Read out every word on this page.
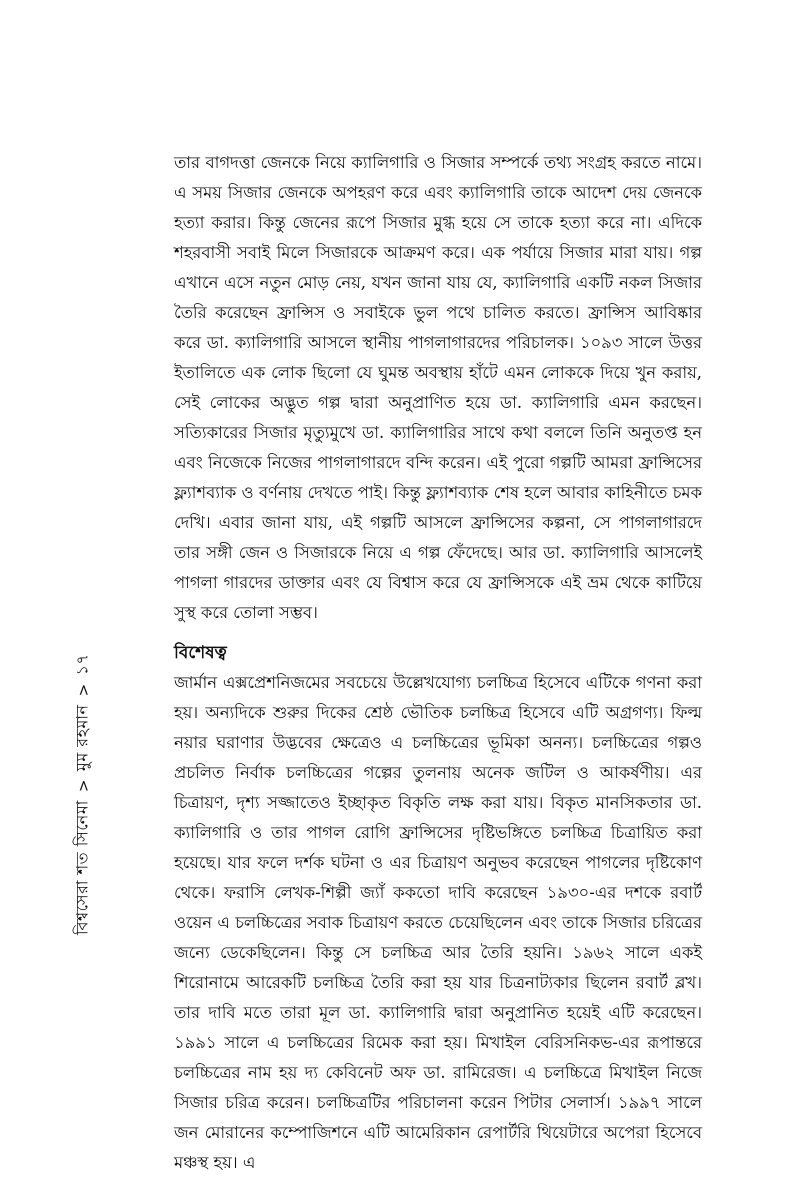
বিশ্বসেরা শত সিনেমা
>
মুম রহমান
>
১৭

তার বাগদত্তা জেনকে নিয়ে ক্যালিগারি ও সিজার সম্পর্কে তথ্য সংগ্রহ করতে নামে। এ সময় সিজার জেনকে অপহরণ করে এবং ক্যালিগারি তাকে আদেশ দেয় জেনকে হত্যা করার। কিন্তু জেনের রূপে সিজার মুগ্ধ হয়ে সে তাকে হত্যা করে না। এদিকে শহরবাসী সবাই মিলে সিজারকে আক্রমণ করে। এক পর্যায়ে সিজার মারা যায়। গল্প এখানে এসে নতুন মোড় নেয়, যখন জানা যায় যে, ক্যালিগারি একটি নকল সিজার তৈরি করেছেন ফ্রান্সিস ও সবাইকে ভুল পথে চালিত করতে। ফ্রান্সিস আবিষ্কার করে ডা. ক্যালিগারি আসলে স্থানীয় পাগলাগারদের পরিচালক। ১০৯৩ সালে উত্তর ইতালিতে এক লোক ছিলো যে ঘুমন্ত অবস্থায় হাঁটে এমন লোককে দিয়ে খুন করায়, সেই লোকের অদ্ভুত গল্প দ্বারা অনুপ্রাণিত হয়ে ডা. ক্যালিগারি এমন করছেন। সত্যিকারের সিজার মৃত্যুমুখে ডা. ক্যালিগারির সাথে কথা বললে তিনি অনুতপ্ত হন এবং নিজেকে নিজের পাগলাগারদে বন্দি করেন। এই পুরো গল্পটি আমরা ফ্রান্সিসের ফ্ল্যাশব্যাক ও বর্ণনায় দেখতে পাই। কিন্তু ফ্ল্যাশব্যাক শেষ হলে আবার কাহিনীতে চমক দেখি। এবার জানা যায়, এই গল্পটি আসলে ফ্রান্সিসের কল্পনা, সে পাগলাগারদে তার সঙ্গী জেন ও সিজারকে নিয়ে এ গল্প ফেঁদেছে। আর ডা. ক্যালিগারি আসলেই পাগলা গারদের ডাক্তার এবং যে বিশ্বাস করে যে ফ্রান্সিসকে এই ভ্রম থেকে কাটিয়ে সুস্থ করে তোলা সম্ভব।

বিশেষত্ব

জার্মান এক্সপ্রেশনিজমের সবচেয়ে উল্লেখযোগ্য চলচ্চিত্র হিসেবে এটিকে গণনা করা হয়। অন্যদিকে শুরুর দিকের শ্রেষ্ঠ ভৌতিক চলচ্চিত্র হিসেবে এটি অগ্রগণ্য। ফিল্ম নয়ার ঘরাণার উদ্ভবের ক্ষেত্রেও এ চলচ্চিত্রের ভূমিকা অনন্য। চলচ্চিত্রের গল্পও প্রচলিত নির্বাক চলচ্চিত্রের গল্পের তুলনায় অনেক জটিল ও আকর্ষণীয়। এর চিত্রায়ণ, দৃশ্য সজ্জাতেও ইচ্ছাকৃত বিকৃতি লক্ষ করা যায়। বিকৃত মানসিকতার ডা. ক্যালিগারি ও তার পাগল রোগি ফ্রান্সিসের দৃষ্টিভঙ্গিতে চলচ্চিত্র চিত্রায়িত করা হয়েছে। যার ফলে দর্শক ঘটনা ও এর চিত্রায়ণ অনুভব করেছেন পাগলের দৃষ্টিকোণ থেকে। ফরাসি লেখক-শিল্পী জ্যাঁ ককতো দাবি করেছেন ১৯৩০-এর দশকে রবার্ট ওয়েন এ চলচ্চিত্রের সবাক চিত্রায়ণ করতে চেয়েছিলেন এবং তাকে সিজার চরিত্রের জন্যে ডেকেছিলেন। কিন্তু সে চলচ্চিত্র আর তৈরি হয়নি। ১৯৬২ সালে একই শিরোনামে আরেকটি চলচ্চিত্র তৈরি করা হয় যার চিত্রনাট্যকার ছিলেন রবার্ট ব্লখ। তার দাবি মতে তারা মূল ডা. ক্যালিগারি দ্বারা অনুপ্রানিত হয়েই এটি করেছেন। ১৯৯১ সালে এ চলচ্চিত্রের রিমেক করা হয়। মিখাইল বেরিসনিকভ-এর রূপান্তরে চলচ্চিত্রের নাম হয় দ্য কেবিনেট অফ ডা. রামিরেজ। এ চলচ্চিত্রে মিখাইল নিজে সিজার চরিত্র করেন। চলচ্চিত্রটির পরিচালনা করেন পিটার সেলার্স। ১৯৯৭ সালে জন মোরানের কম্পোজিশনে এটি আমেরিকান রেপার্টরি থিয়েটারে অপেরা হিসেবে মঞ্চস্থ হয়। এ
